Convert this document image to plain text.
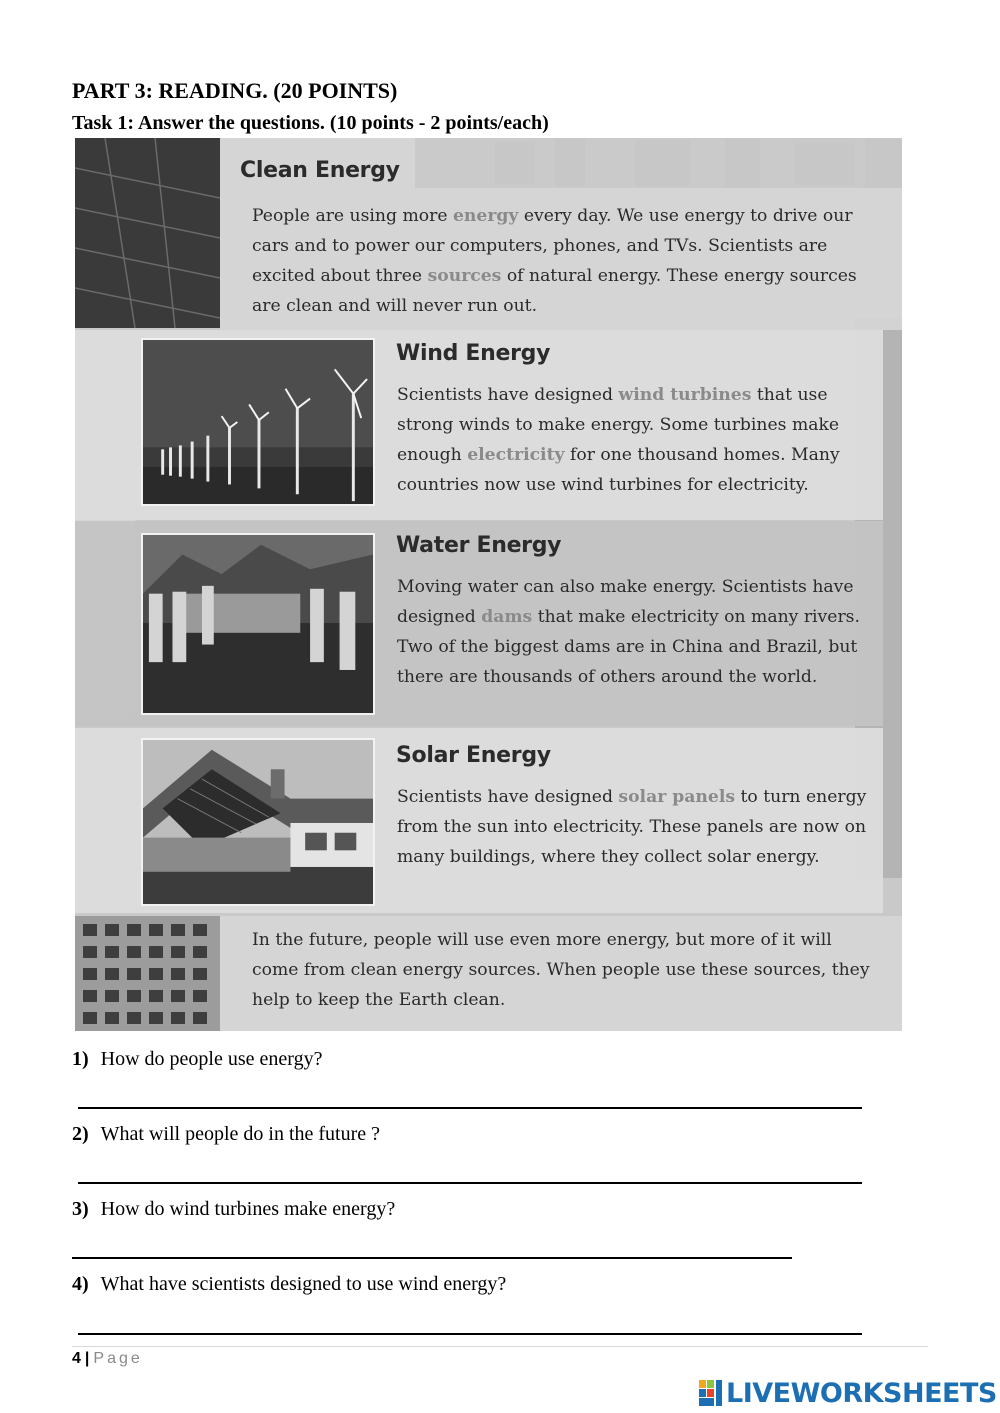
PART 3: READING. (20 POINTS)
Task 1: Answer the questions. (10 points - 2 points/each)
Clean Energy
People are using more energy every day. We use energy to drive our cars and to power our computers, phones, and TVs. Scientists are excited about three sources of natural energy. These energy sources are clean and will never run out.
Wind Energy
Scientists have designed wind turbines that use strong winds to make energy. Some turbines make enough electricity for one thousand homes. Many countries now use wind turbines for electricity.
Water Energy
Moving water can also make energy. Scientists have designed dams that make electricity on many rivers. Two of the biggest dams are in China and Brazil, but there are thousands of others around the world.
Solar Energy
Scientists have designed solar panels to turn energy from the sun into electricity. These panels are now on many buildings, where they collect solar energy.
In the future, people will use even more energy, but more of it will come from clean energy sources. When people use these sources, they help to keep the Earth clean.
1) How do people use energy?
2) What will people do in the future ?
3) How do wind turbines make energy?
4) What have scientists designed to use wind energy?
4 | Page
LIVEWORKSHEETS
